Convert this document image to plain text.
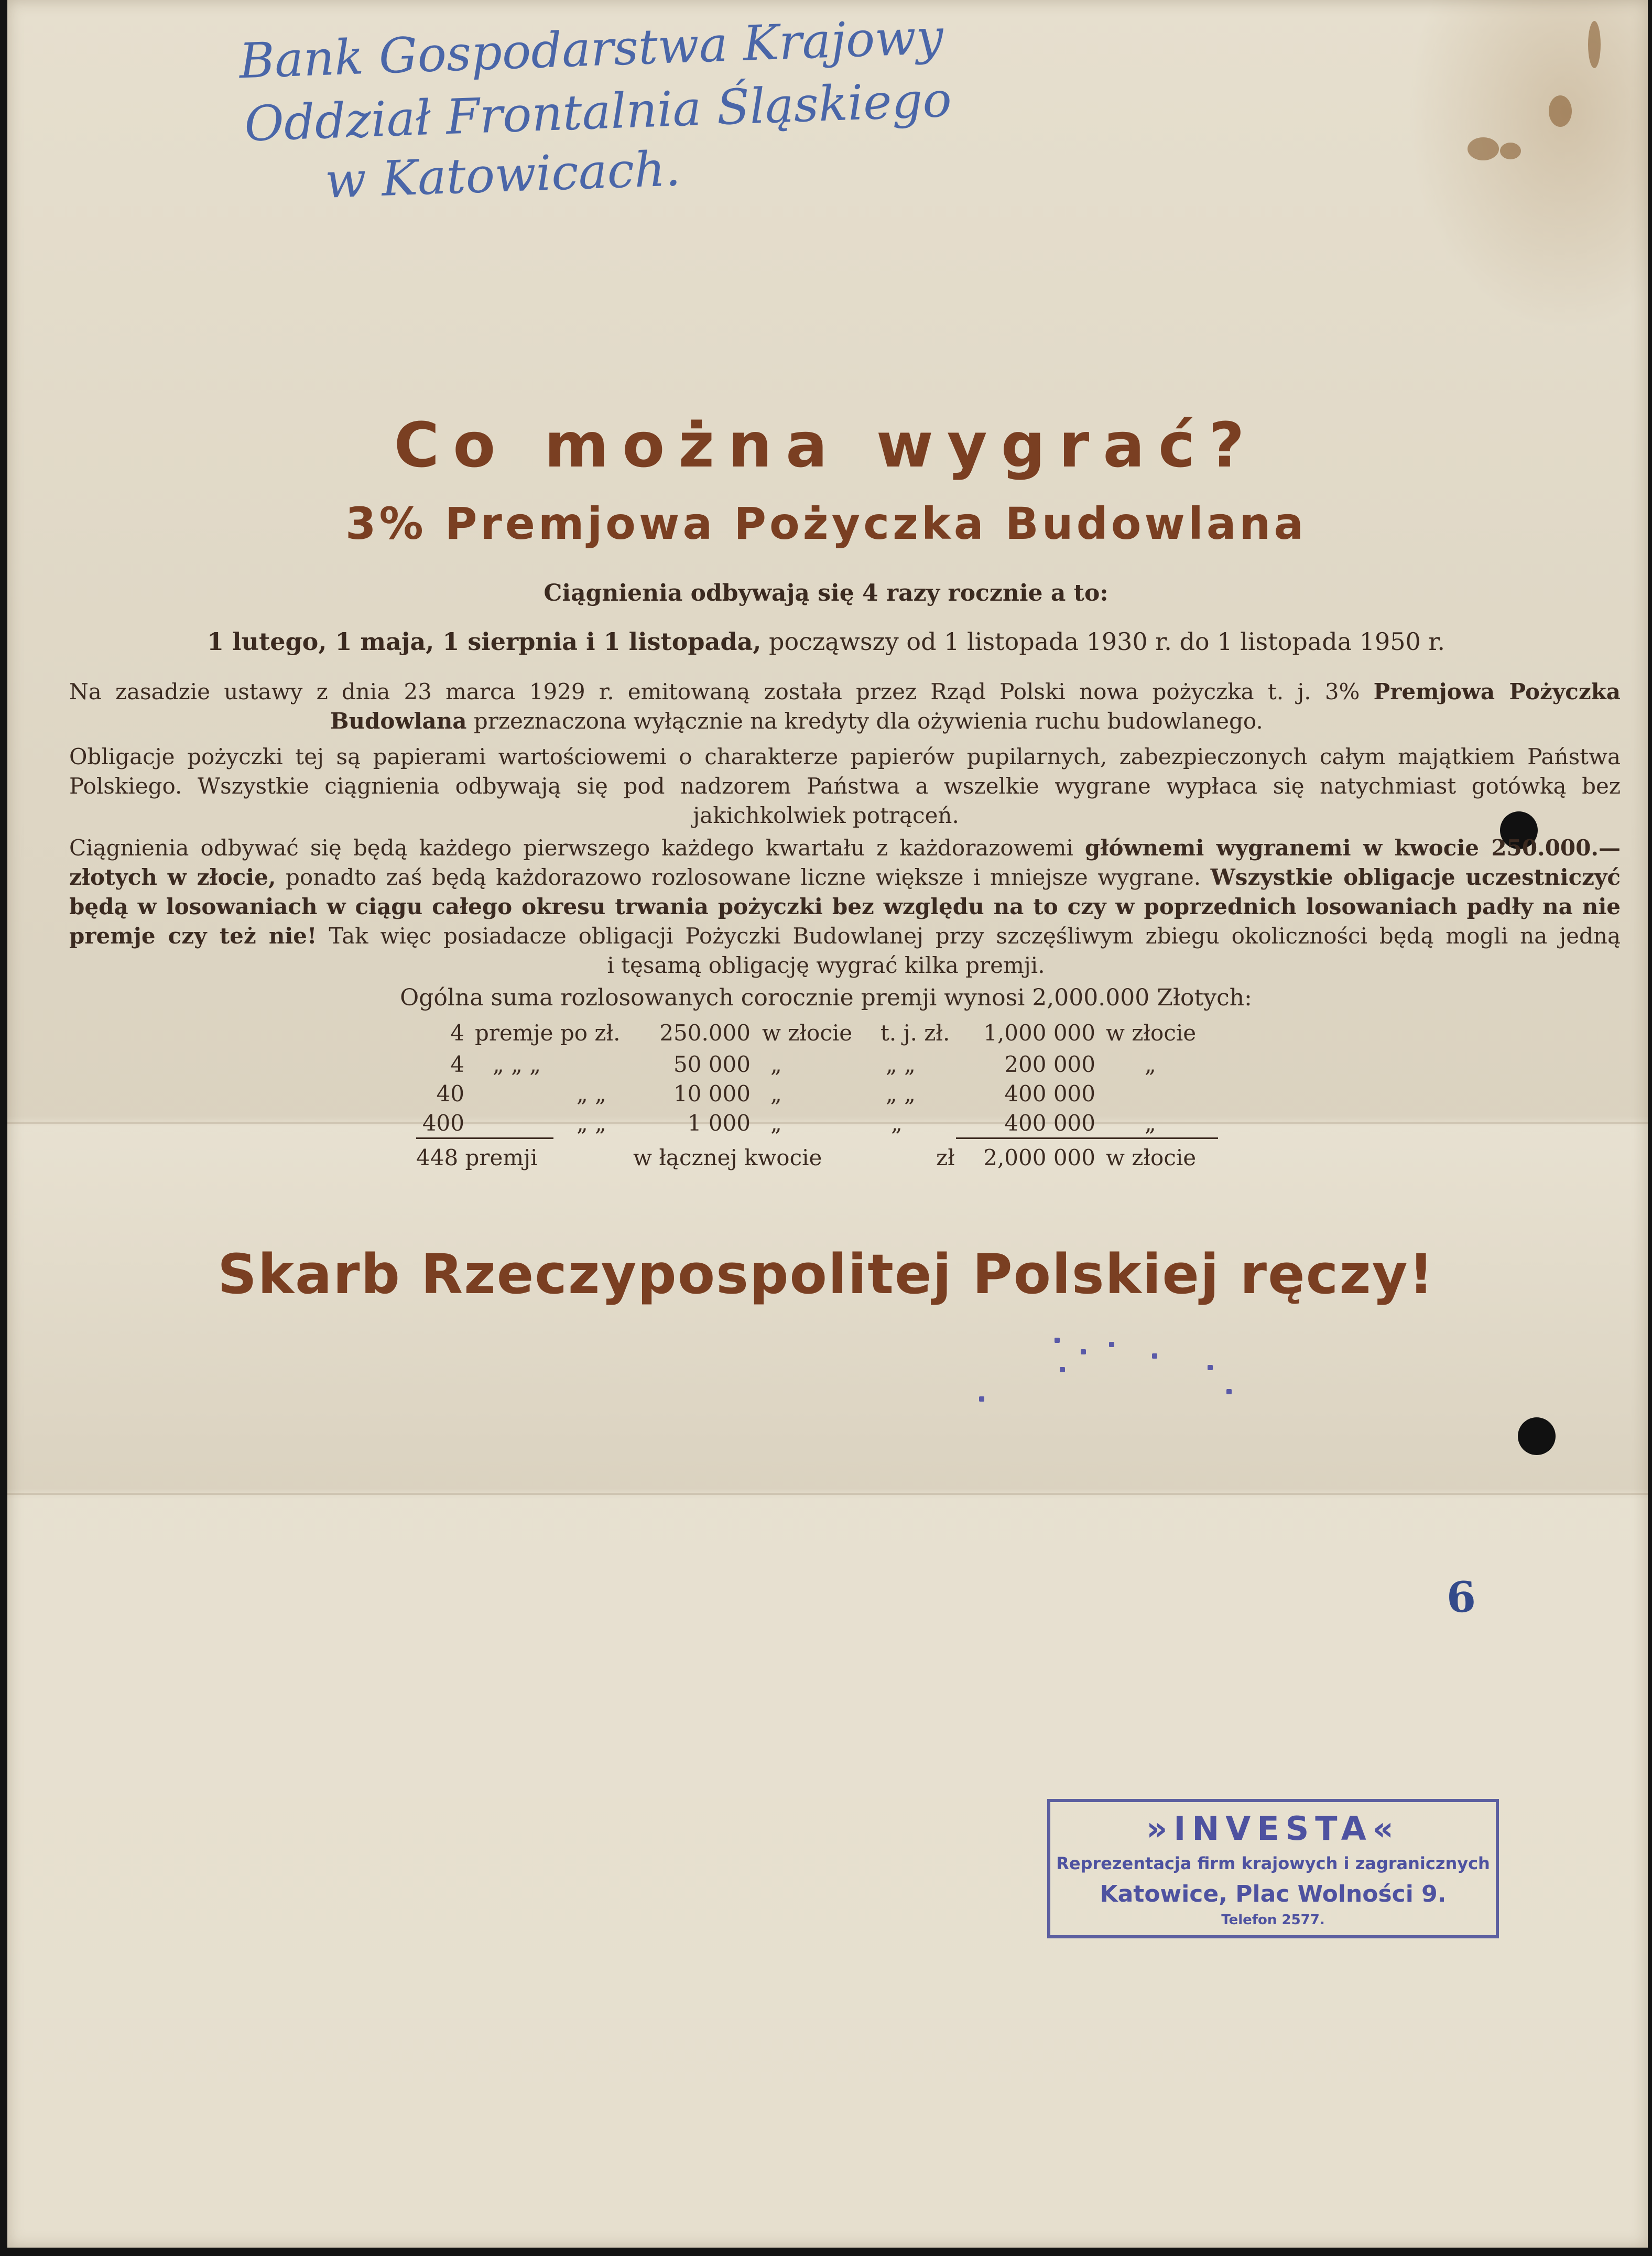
Bank Gospodarstwa Krajowy
Oddział Frontalnia Śląskiego
w Katowicach.
Co można wygrać?
3% Premjowa Pożyczka Budowlana
Ciągnienia odbywają się 4 razy rocznie a to:
1 lutego, 1 maja, 1 sierpnia i 1 listopada, począwszy od 1 listopada 1930 r. do 1 listopada 1950 r.
Na zasadzie ustawy z dnia 23 marca 1929 r. emitowaną została przez Rząd Polski nowa pożyczka t. j. 3% Premjowa Pożyczka
Budowlana przeznaczona wyłącznie na kredyty dla ożywienia ruchu budowlanego.
Obligacje pożyczki tej są papierami wartościowemi o charakterze papierów pupilarnych, zabezpieczonych całym majątkiem Państwa
Polskiego. Wszystkie ciągnienia odbywają się pod nadzorem Państwa a wszelkie wygrane wypłaca się natychmiast gotówką bez
jakichkolwiek potrąceń.
Ciągnienia odbywać się będą każdego pierwszego każdego kwartału z każdorazowemi głównemi wygranemi w kwocie 250.000.—
złotych w złocie, ponadto zaś będą każdorazowo rozlosowane liczne większe i mniejsze wygrane. Wszystkie obligacje uczestniczyć
będą w losowaniach w ciągu całego okresu trwania pożyczki bez względu na to czy w poprzednich losowaniach padły na nie
premje czy też nie! Tak więc posiadacze obligacji Pożyczki Budowlanej przy szczęśliwym zbiegu okoliczności będą mogli na jedną
i tęsamą obligację wygrać kilka premji.
Ogólna suma rozlosowanych corocznie premji wynosi 2,000.000 Złotych:
4 premje po zł.	250.000 w złocie t. j. zł.	1,000 000 w złocie
4 „ „ „	50 000 „	„ „	200 000 „
40	„ „	10 000 „	„ „	400 000
400	„ „	1 000 „	„	400 000 „
448 premji	w łącznej kwocie	zł	2,000 000 w złocie
Skarb Rzeczypospolitej Polskiej ręczy!
6
»INVESTA«
Reprezentacja firm krajowych i zagranicznych
Katowice, Plac Wolności 9.
Telefon 2577.
